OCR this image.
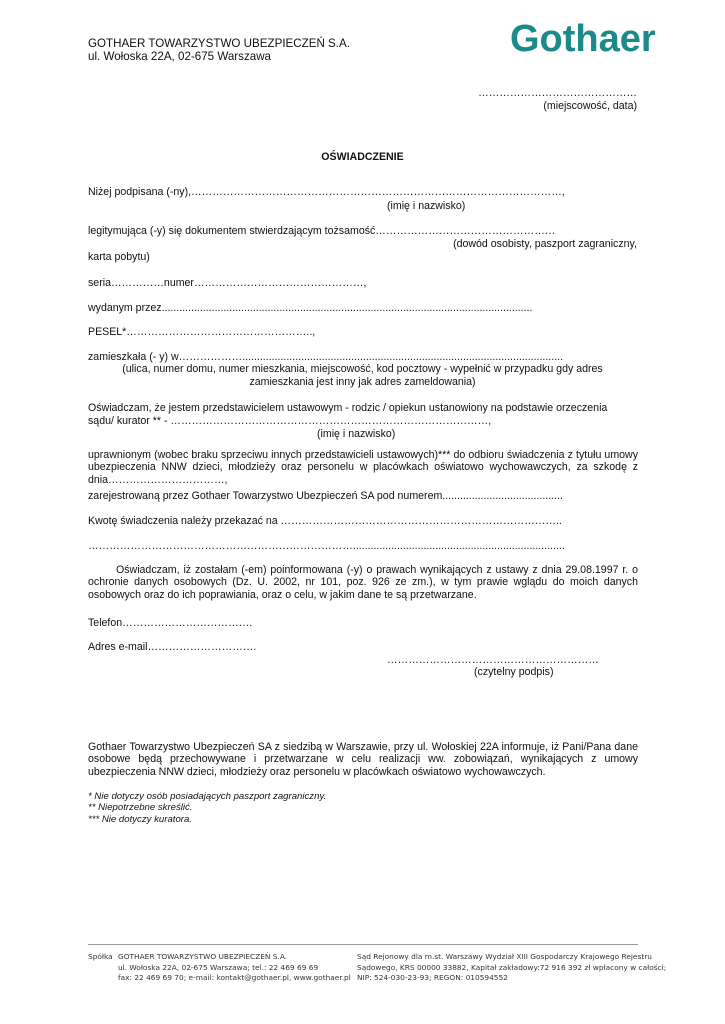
GOTHAER TOWARZYSTWO UBEZPIECZEŃ S.A.
ul. Wołoska 22A, 02-675 Warszawa	Gothaer
………………………………………
(miejscowość, data)
OŚWIADCZENIE
Niżej podpisana (-ny),……………………………………………………………………………………………,
(imię i nazwisko)
legitymująca (-y) się dokumentem stwierdzającym tożsamość……………………………………………
(dowód osobisty, paszport zagraniczny,
karta pobytu)
seria……………numer…………………………………………,
wydanym przez..............................................................................................................................
PESEL*……………………………………………..,
zamieszkała (- y) w……………….............................................................................................................
(ulica, numer domu, numer mieszkania, miejscowość, kod pocztowy - wypełnić w przypadku gdy adres
zamieszkania jest inny jak adres zameldowania)
Oświadczam, że jestem przedstawicielem ustawowym - rodzic / opiekun ustanowiony na podstawie orzeczenia
sądu/ kurator ** - ………………………………………………………………………………,
(imię i nazwisko)
uprawnionym (wobec braku sprzeciwu innych przedstawicieli ustawowych)*** do odbioru świadczenia z tytułu umowy ubezpieczenia NNW dzieci, młodzieży oraz personelu w placówkach oświatowo wychowawczych, za szkodę z dnia……………………………,
zarejestrowaną przez Gothaer Towarzystwo Ubezpieczeń SA pod numerem.........................................
Kwotę świadczenia należy przekazać na ……………………………………………………………………..
…………………………………………………………………........................................................................
Oświadczam, iż zostałam (-em) poinformowana (-y) o prawach wynikających z ustawy z dnia 29.08.1997 r. o ochronie danych osobowych (Dz. U. 2002, nr 101, poz. 926 ze zm.), w tym prawie wglądu do moich danych osobowych oraz do ich poprawiania, oraz o celu, w jakim dane te są przetwarzane.
Telefon……………………………….
Adres e-mail………………………….
……………………………………………………
(czytelny podpis)
Gothaer Towarzystwo Ubezpieczeń SA z siedzibą w Warszawie, przy ul. Wołoskiej 22A informuje, iż Pani/Pana dane osobowe będą przechowywane i przetwarzane w celu realizacji ww. zobowiązań, wynikających z umowy ubezpieczenia NNW dzieci, młodzieży oraz personelu w placówkach oświatowo wychowawczych.
* Nie dotyczy osób posiadających paszport zagraniczny.
** Niepotrzebne skreślić.
*** Nie dotyczy kuratora.
Spółka GOTHAER TOWARZYSTWO UBEZPIECZEŃ S.A.
ul. Wołoska 22A, 02-675 Warszawa; tel.: 22 469 69 69
fax: 22 469 69 70; e-mail: kontakt@gothaer.pl, www.gothaer.pl
Sąd Rejonowy dla m.st. Warszawy Wydział XIII Gospodarczy Krajowego Rejestru
Sądowego, KRS 00000 33882, Kapitał zakładowy:72 916 392 zł wpłacony w całości;
NIP: 524-030-23-93; REGON: 010594552
